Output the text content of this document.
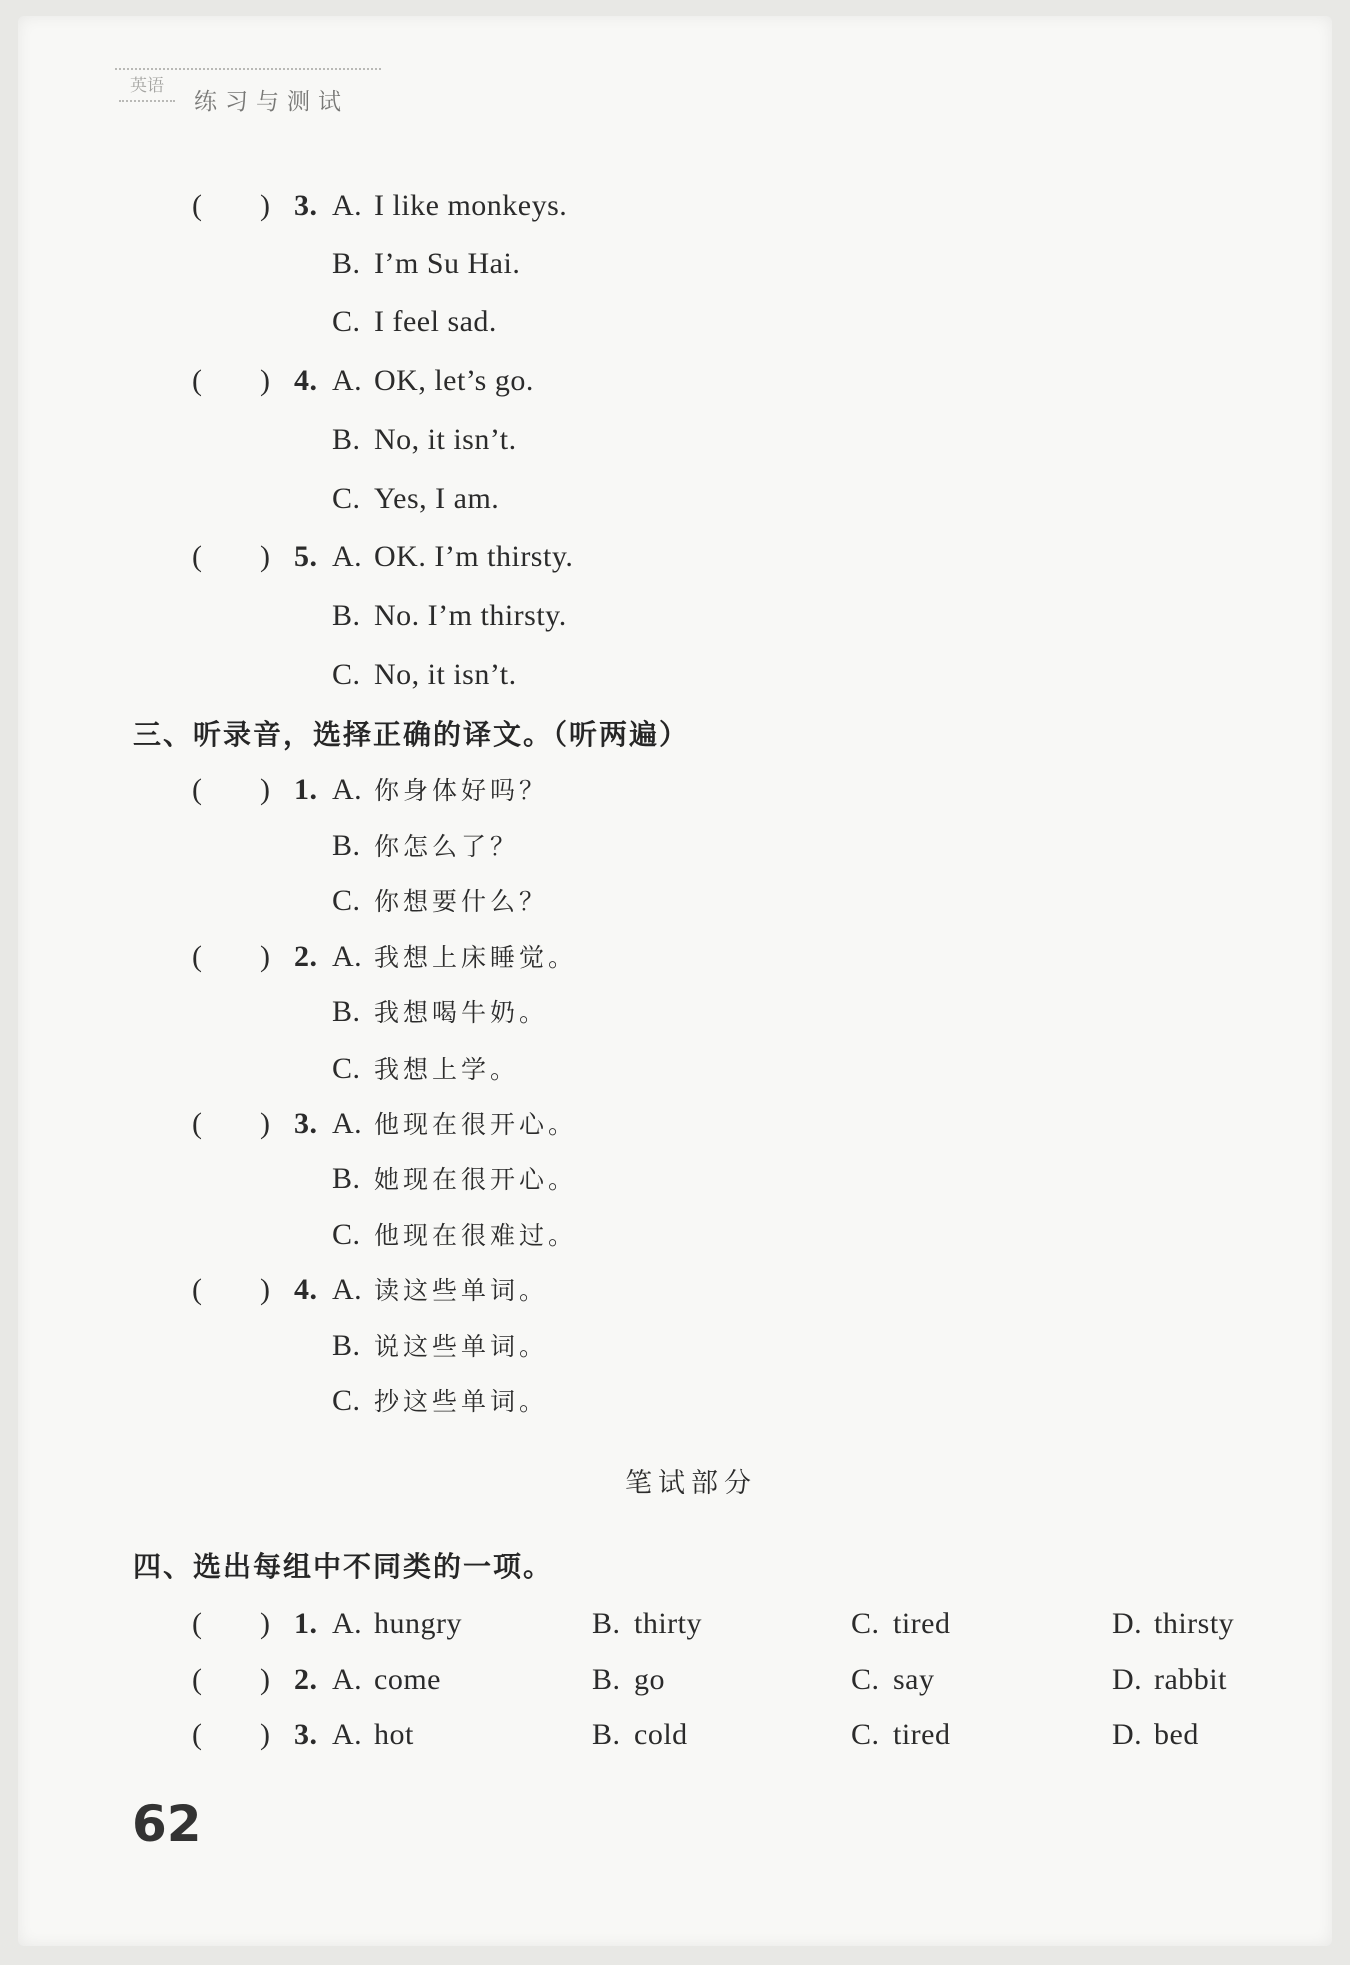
英语
练习与测试
( ) 3. A. I like monkeys.
B. I’m Su Hai.
C. I feel sad.
( ) 4. A. OK, let’s go.
B. No, it isn’t.
C. Yes, I am.
( ) 5. A. OK. I’m thirsty.
B. No. I’m thirsty.
C. No, it isn’t.
三、听录音，选择正确的译文。（听两遍）
( ) 1. A. 你身体好吗？
B. 你怎么了？
C. 你想要什么？
( ) 2. A. 我想上床睡觉。
B. 我想喝牛奶。
C. 我想上学。
( ) 3. A. 他现在很开心。
B. 她现在很开心。
C. 他现在很难过。
( ) 4. A. 读这些单词。
B. 说这些单词。
C. 抄这些单词。
笔试部分
四、选出每组中不同类的一项。
( ) 1. A. hungry	B. thirty	C. tired	D. thirsty
( ) 2. A. come	B. go	C. say	D. rabbit
( ) 3. A. hot	B. cold	C. tired	D. bed
62
